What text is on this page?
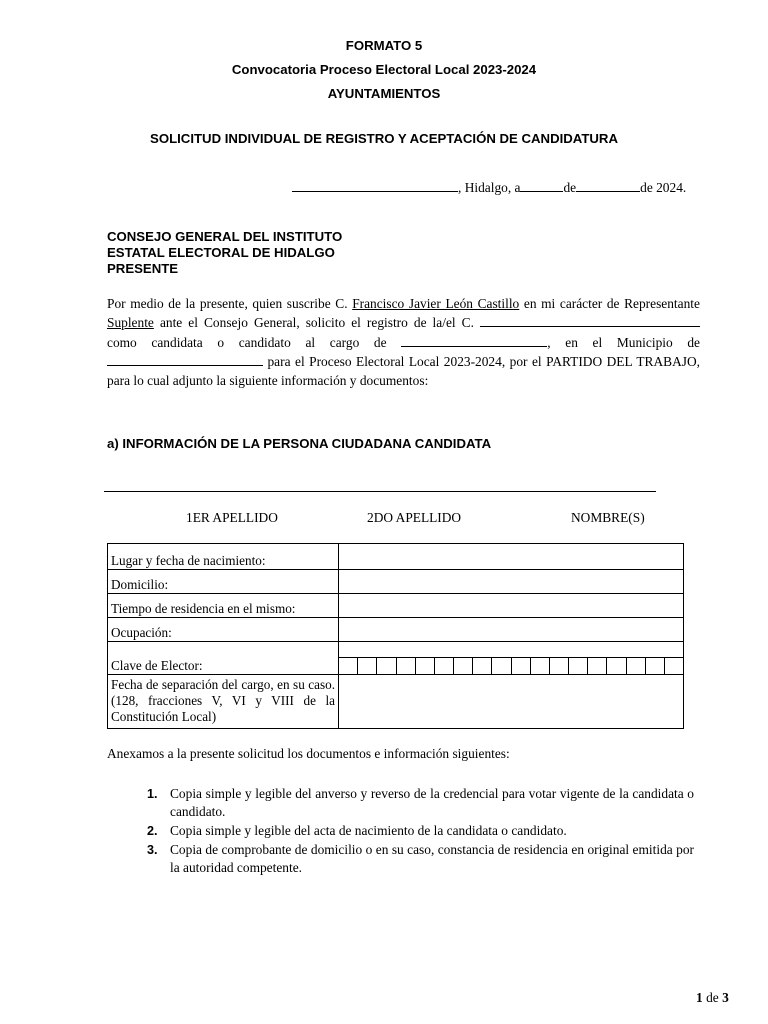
FORMATO 5
Convocatoria Proceso Electoral Local 2023-2024
AYUNTAMIENTOS
SOLICITUD INDIVIDUAL DE REGISTRO Y ACEPTACIÓN DE CANDIDATURA
, Hidalgo, a	de	de 2024.
CONSEJO GENERAL DEL INSTITUTO
ESTATAL ELECTORAL DE HIDALGO
PRESENTE
Por medio de la presente, quien suscribe C. Francisco Javier León Castillo en mi carácter de Representante Suplente ante el Consejo General, solicito el registro de la/el C.  como candidata o candidato al cargo de	, en el Municipio de  para el Proceso Electoral Local 2023-2024, por el PARTIDO DEL TRABAJO, para lo cual adjunto la siguiente información y documentos:
a) INFORMACIÓN DE LA PERSONA CIUDADANA CANDIDATA
1ER APELLIDO	2DO APELLIDO	NOMBRE(S)
Lugar y fecha de nacimiento:	
Domicilio:	
Tiempo de residencia en el mismo:	
Ocupación:	
Clave de Elector:	

Fecha de separación del cargo, en su caso. (128, fracciones V, VI y VIII de la Constitución Local)	
Anexamos a la presente solicitud los documentos e información siguientes:
1. Copia simple y legible del anverso y reverso de la credencial para votar vigente de la candidata o candidato.
2. Copia simple y legible del acta de nacimiento de la candidata o candidato.
3. Copia de comprobante de domicilio o en su caso, constancia de residencia en original emitida por la autoridad competente.
1 de 3
